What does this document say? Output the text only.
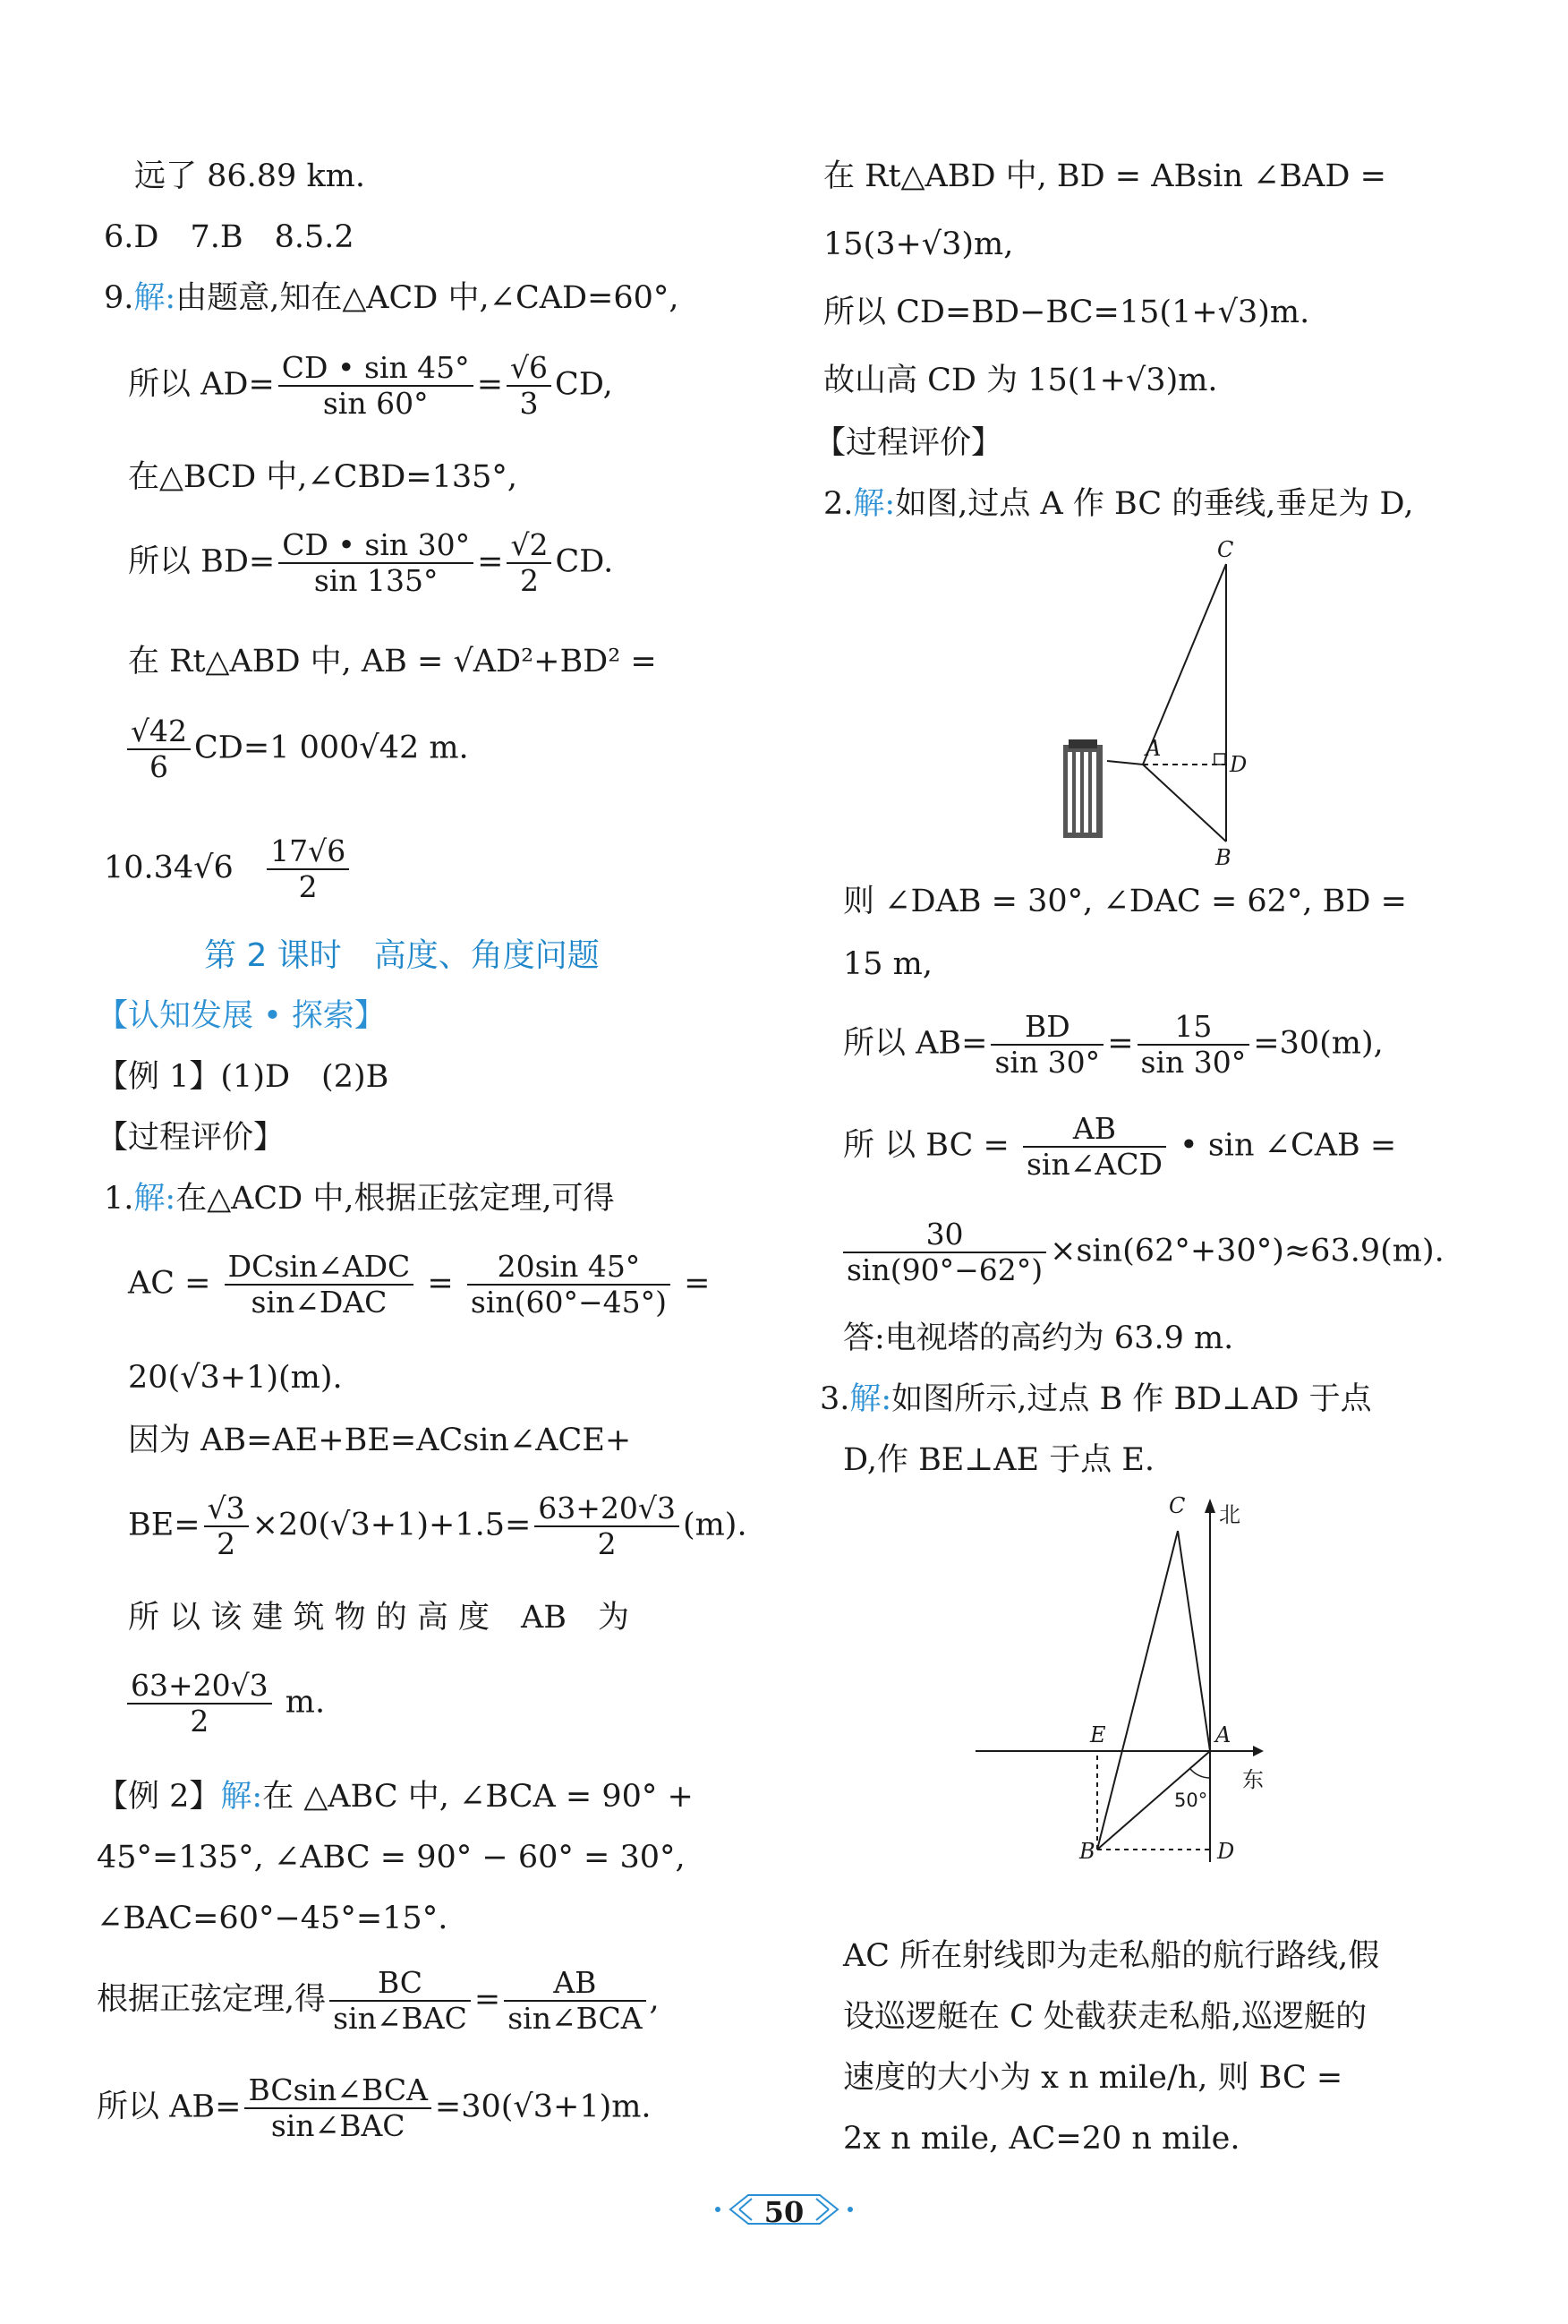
远了 86.89 km.
6.D　7.B　8.5.2
9.解:由题意,知在△ACD 中,∠CAD=60°,
所以 $AD= \frac{CD • \sin 45^\circ}{\sin 60^\circ} = \frac{√6}{3}$ CD,
在△BCD 中,∠CBD=135°,
所以 $BD= \frac{CD • \sin 30^\circ}{\sin 135^\circ} = \frac{√2}{2}$ CD.
在 Rt△ABD 中, AB = √AD²+BD² =
$\frac{√42}{6} CD=1$ 000√42 m.
$10.34√6 \frac{17√6}{2}$
第 2 课时　高度、角度问题
【认知发展 • 探索】
【例 1】(1)D　(2)B
【过程评价】
1.解:在△ACD 中,根据正弦定理,可得
AC = $\frac{\text{DCsin∠ADC}}{\text{sin∠DAC}} = \frac{20\sin 45^\circ}{\sin(60^\circ-45^\circ)}$ =
20(√3+1)(m).
因为 AB=AE+BE=ACsin∠ACE+
$BE= \frac{√3}{2} \times 20(√3+1)+1.5= \frac{63+20√3}{2} (m)$.
所 以 该 建 筑 物 的 高 度　AB　为
$\frac{63+20√3}{2} m$.
【例 2】解:在 △ABC 中, ∠BCA = 90° +
45°=135°, ∠ABC = 90° − 60° = 30°,
∠BAC=60°−45°=15°.
根据正弦定理,得 $\frac{BC}{\text{sin∠BAC}} = \frac{AB}{\text{sin∠BCA}}$ ,
所以 $AB= \frac{\text{BCsin∠BCA}}{\text{sin∠BAC}} =30(√3+1)m$.
在 Rt△ABD 中, BD = ABsin ∠BAD =
15(3+√3)m,
所以 CD=BD−BC=15(1+√3)m.
故山高 CD 为 15(1+√3)m.
【过程评价】
2.解:如图,过点 A 作 BC 的垂线,垂足为 D,
C
A
D
B
则 ∠DAB = 30°, ∠DAC = 62°, BD =
15 m,
所以 $AB= \frac{BD}{\sin 30^\circ} = \frac{15}{\sin 30^\circ} =30(m)$,
所 以 BC = $\frac{AB}{\text{sin∠ACD}}$ • sin ∠CAB =
$\frac{30}{\sin(90^\circ-62^\circ)} \times\sin(62^\circ+30^\circ)\approx 63.9(m)$.
答:电视塔的高约为 63.9 m.
3.解:如图所示,过点 B 作 BD⊥AD 于点
D,作 BE⊥AE 于点 E.
C 北
E	A
东
50°
B	D
AC 所在射线即为走私船的航行路线,假
设巡逻艇在 C 处截获走私船,巡逻艇的
速度的大小为 x n mile/h, 则 BC =
2x n mile, AC=20 n mile.
50
